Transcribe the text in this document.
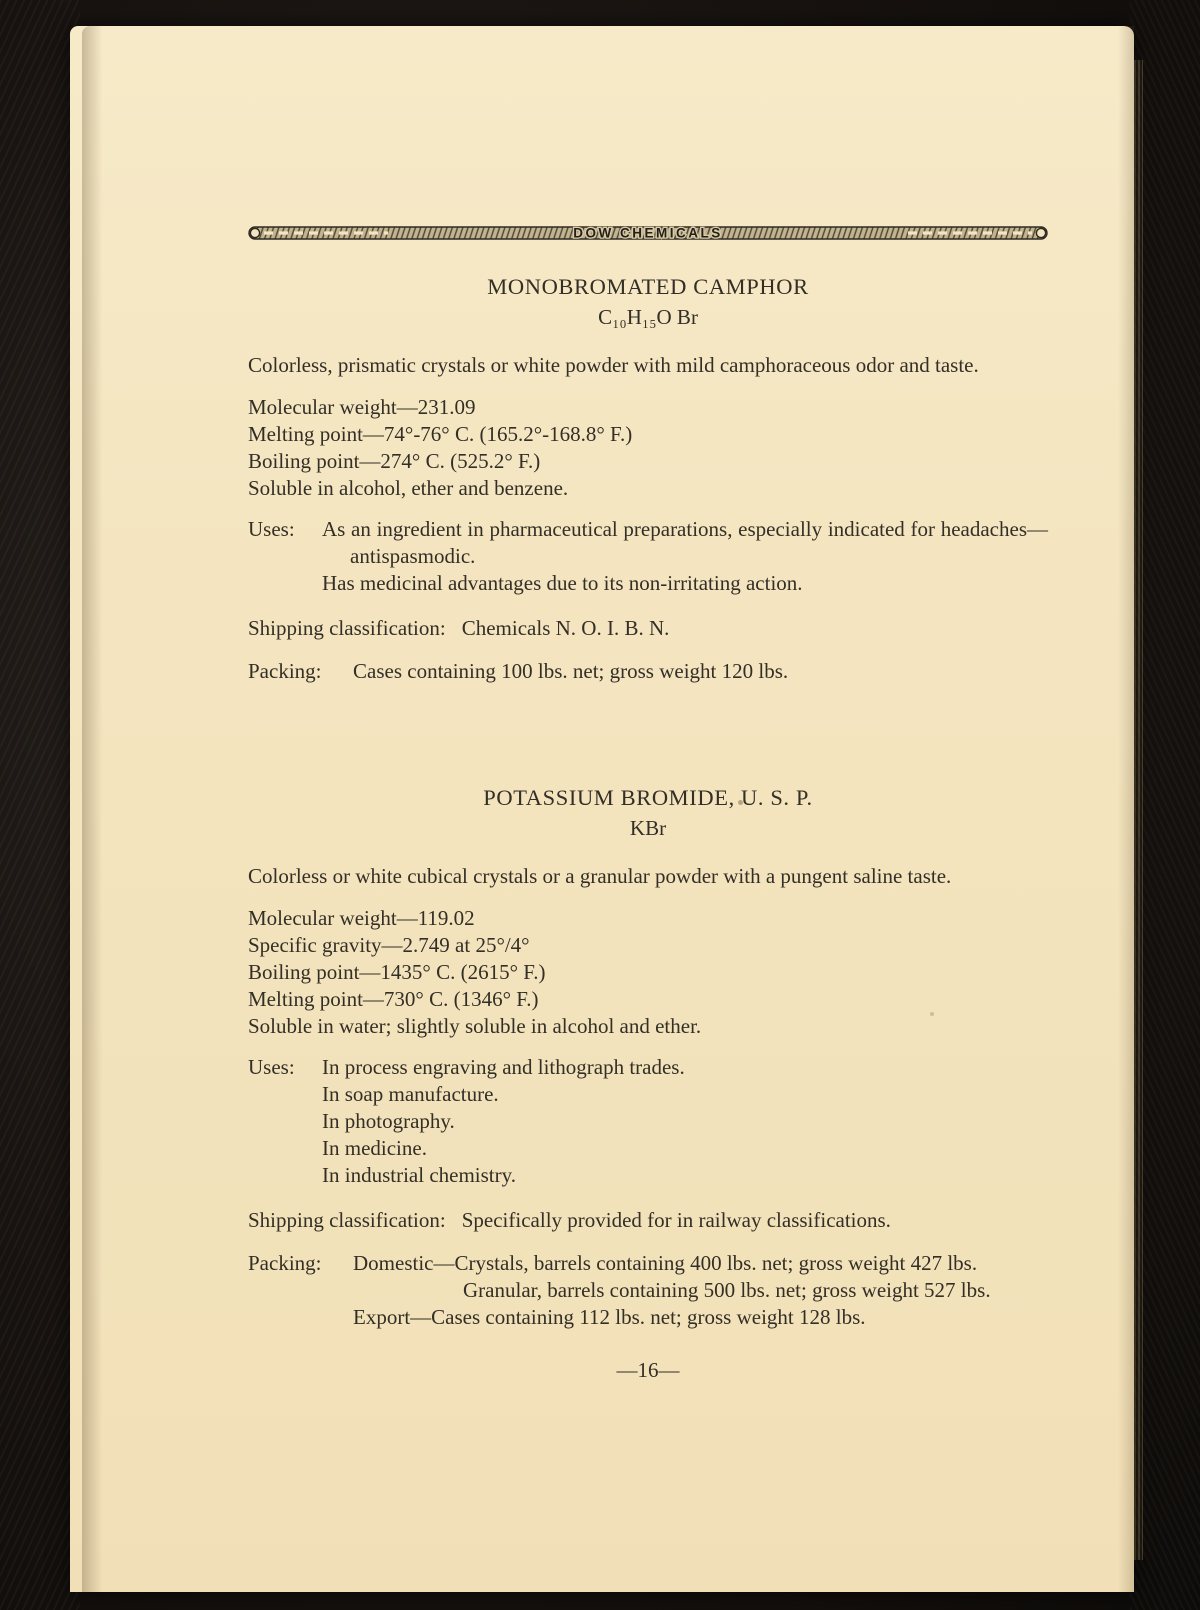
DOW CHEMICALS
MONOBROMATED CAMPHOR
C₁₀H₁₅O Br

Colorless, prismatic crystals or white powder with mild camphoraceous odor and taste.

Molecular weight—231.09
Melting point—74°-76° C. (165.2°-168.8° F.)
Boiling point—274° C. (525.2° F.)
Soluble in alcohol, ether and benzene.
Uses:	As an ingredient in pharmaceutical preparations, especially indicated for headaches—antispasmodic.
Has medicinal advantages due to its non-irritating action.
Shipping classification: Chemicals N. O. I. B. N.
Packing:	Cases containing 100 lbs. net; gross weight 120 lbs.
POTASSIUM BROMIDE, U. S. P.
KBr

Colorless or white cubical crystals or a granular powder with a pungent saline taste.

Molecular weight—119.02
Specific gravity—2.749 at 25°/4°
Boiling point—1435° C. (2615° F.)
Melting point—730° C. (1346° F.)
Soluble in water; slightly soluble in alcohol and ether.
Uses:	In process engraving and lithograph trades.
In soap manufacture.
In photography.
In medicine.
In industrial chemistry.
Shipping classification: Specifically provided for in railway classifications.
Packing:	Domestic—Crystals, barrels containing 400 lbs. net; gross weight 427 lbs.
Granular, barrels containing 500 lbs. net; gross weight 527 lbs.
Export—Cases containing 112 lbs. net; gross weight 128 lbs.
—16—
